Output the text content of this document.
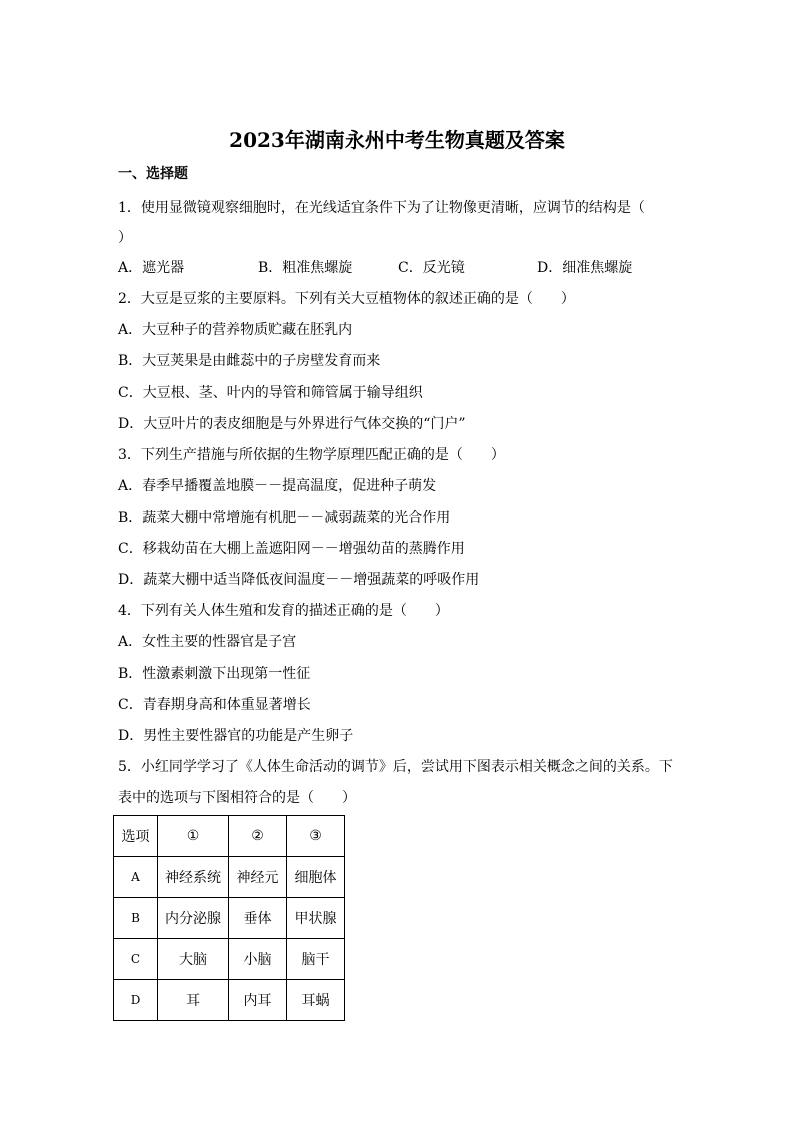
2023年湖南永州中考生物真题及答案
一、选择题
1．使用显微镜观察细胞时，在光线适宜条件下为了让物像更清晰，应调节的结构是（
）
A．遮光器	B．粗准焦螺旋	C．反光镜	D．细准焦螺旋
2．大豆是豆浆的主要原料。下列有关大豆植物体的叙述正确的是（　　）
A．大豆种子的营养物质贮藏在胚乳内
B．大豆荚果是由雌蕊中的子房壁发育而来
C．大豆根、茎、叶内的导管和筛管属于输导组织
D．大豆叶片的表皮细胞是与外界进行气体交换的“门户”
3．下列生产措施与所依据的生物学原理匹配正确的是（　　）
A．春季早播覆盖地膜－－提高温度，促进种子萌发
B．蔬菜大棚中常增施有机肥－－减弱蔬菜的光合作用
C．移栽幼苗在大棚上盖遮阳网－－增强幼苗的蒸腾作用
D．蔬菜大棚中适当降低夜间温度－－增强蔬菜的呼吸作用
4．下列有关人体生殖和发育的描述正确的是（　　）
A．女性主要的性器官是子宫
B．性激素刺激下出现第一性征
C．青春期身高和体重显著增长
D．男性主要性器官的功能是产生卵子
5．小红同学学习了《人体生命活动的调节》后，尝试用下图表示相关概念之间的关系。下
表中的选项与下图相符合的是（　　）
选项	①	②	③
A	神经系统	神经元	细胞体
B	内分泌腺	垂体	甲状腺
C	大脑	小脑	脑干
D	耳	内耳	耳蜗
